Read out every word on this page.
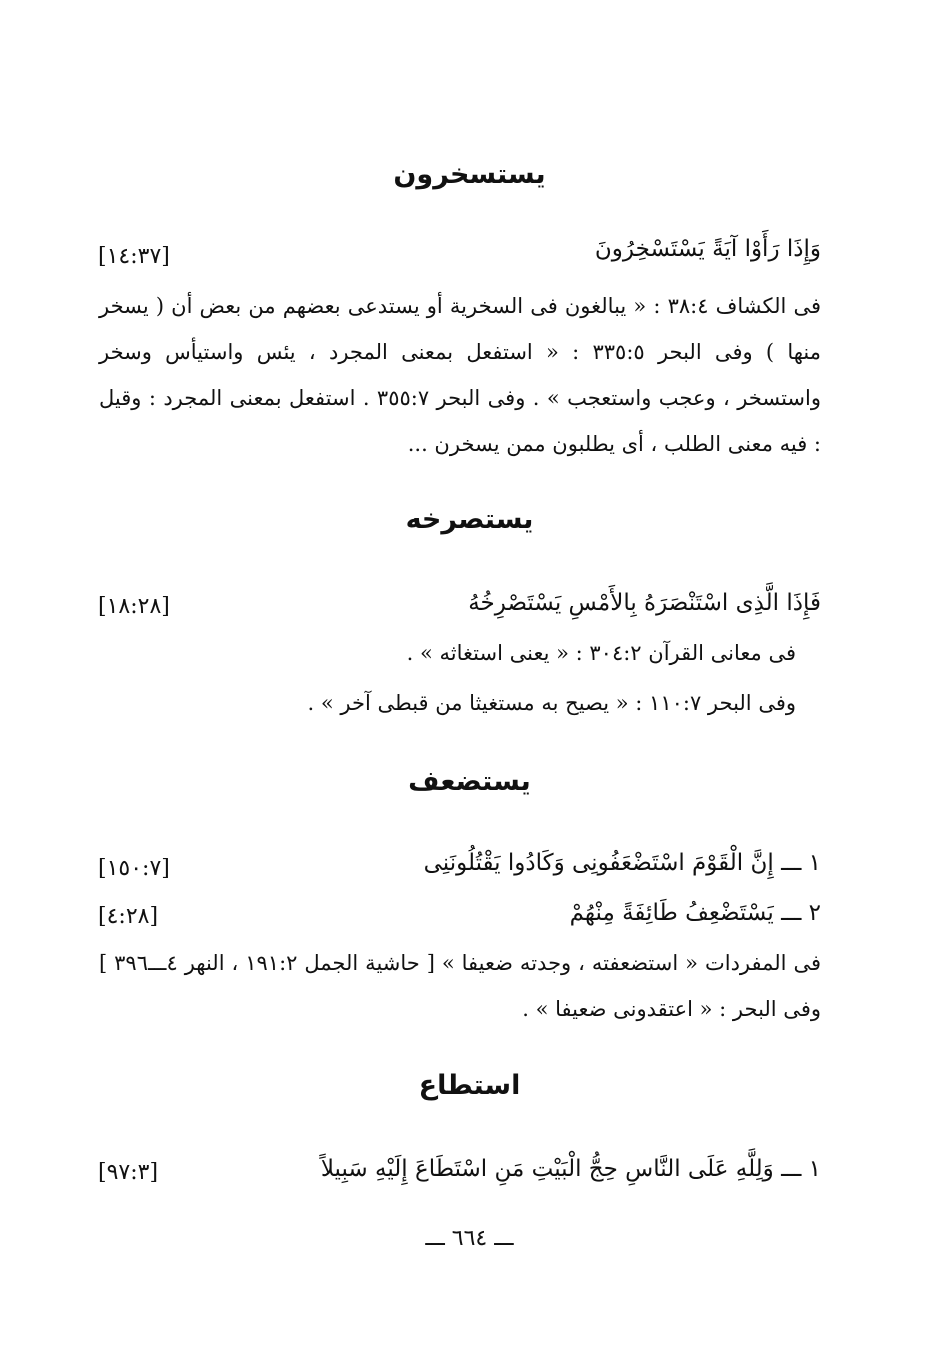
يستسخرون
وَإِذَا رَأَوْا آيَةً يَسْتَسْخِرُونَ
[١٤:٣٧]
فى الكشاف ٣٨:٤ : « يبالغون فى السخرية أو يستدعى بعضهم من بعض أن ( يسخر منها ) وفى البحر ٣٣٥:٥ : « استفعل بمعنى المجرد ، يئس واستيأس وسخر واستسخر ، وعجب واستعجب » . وفى البحر ٣٥٥:٧ . استفعل بمعنى المجرد : وقيل : فيه معنى الطلب ، أى يطلبون ممن يسخرن ...
يستصرخه
فَإِذَا الَّذِى اسْتَنْصَرَهُ بِالأَمْسِ يَسْتَصْرِخُهُ
[١٨:٢٨]
فى معانى القرآن ٣٠٤:٢ : « يعنى استغاثه » .
وفى البحر ١١٠:٧ : « يصيح به مستغيثا من قبطى آخر » .
يستضعف
١ ـــ إِنَّ الْقَوْمَ اسْتَضْعَفُونِى وَكَادُوا يَقْتُلُونَنِى
[١٥٠:٧]
٢ ـــ يَسْتَضْعِفُ طَائِفَةً مِنْهُمْ
[٤:٢٨]
فى المفردات « استضعفته ، وجدته ضعيفا » [ حاشية الجمل ١٩١:٢ ، النهر ٤ـــ٣٩٦ ] وفى البحر : « اعتقدونى ضعيفا » .
استطاع
١ ـــ وَلِلَّهِ عَلَى النَّاسِ حِجُّ الْبَيْتِ مَنِ اسْتَطَاعَ إِلَيْهِ سَبِيلاً
[٩٧:٣]
ـــ ٦٦٤ ـــ
